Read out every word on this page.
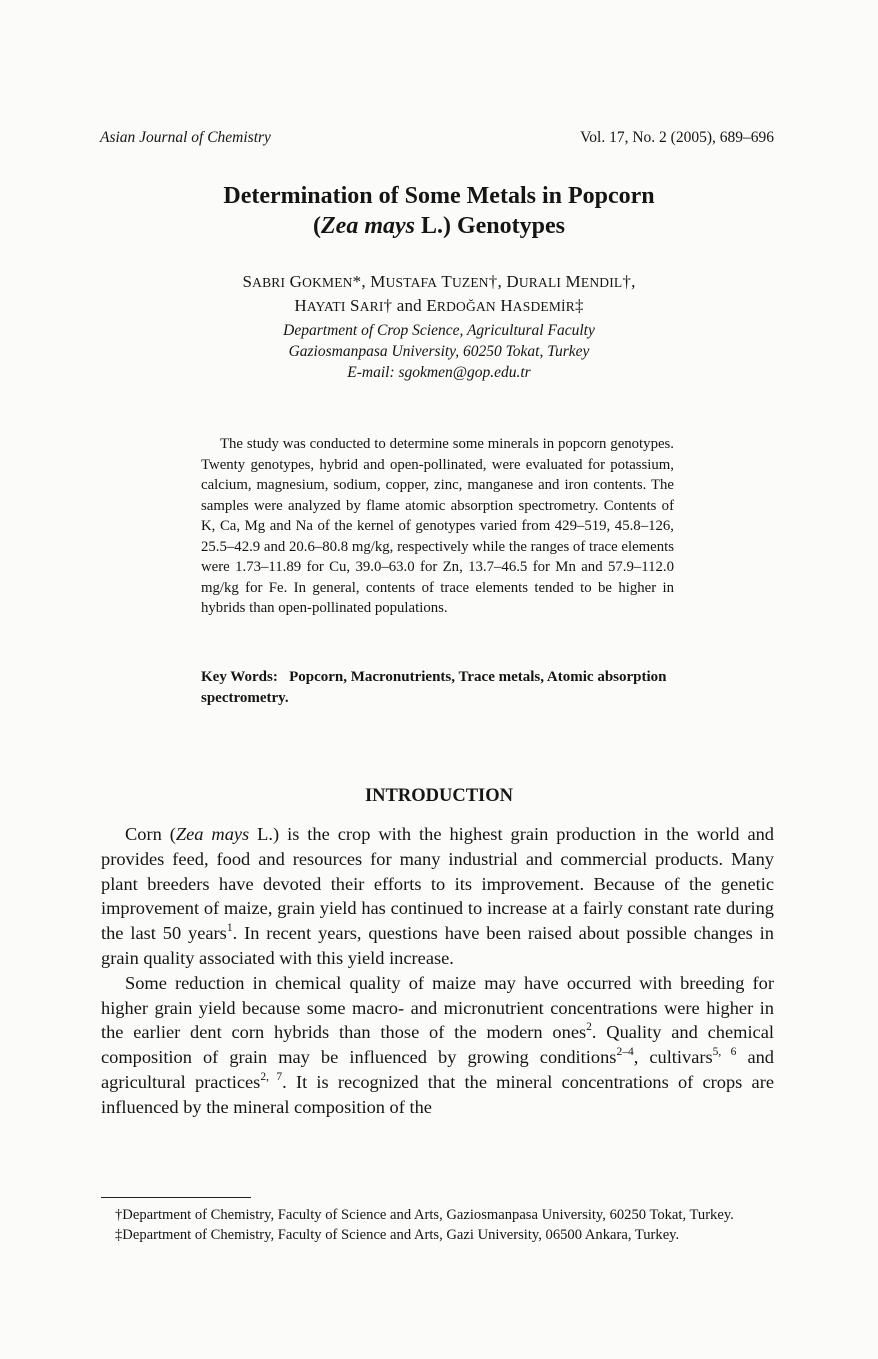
Asian Journal of Chemistry	Vol. 17, No. 2 (2005), 689–696
Determination of Some Metals in Popcorn
(Zea mays L.) Genotypes
SABRI GOKMEN*, MUSTAFA TUZEN†, DURALI MENDIL†,
HAYATI SARI† and ERDOĞAN HASDEMİR‡
Department of Crop Science, Agricultural Faculty
Gaziosmanpasa University, 60250 Tokat, Turkey
E-mail: sgokmen@gop.edu.tr

The study was conducted to determine some minerals in popcorn genotypes. Twenty genotypes, hybrid and open-pollinated, were evaluated for potassium, calcium, magnesium, sodium, copper, zinc, manganese and iron contents. The samples were analyzed by flame atomic absorption spectrometry. Contents of K, Ca, Mg and Na of the kernel of genotypes varied from 429–519, 45.8–126, 25.5–42.9 and 20.6–80.8 mg/kg, respectively while the ranges of trace elements were 1.73–11.89 for Cu, 39.0–63.0 for Zn, 13.7–46.5 for Mn and 57.9–112.0 mg/kg for Fe. In general, contents of trace elements tended to be higher in hybrids than open-pollinated populations.

Key Words: Popcorn, Macronutrients, Trace metals, Atomic absorption spectrometry.
INTRODUCTION

Corn (Zea mays L.) is the crop with the highest grain production in the world and provides feed, food and resources for many industrial and commercial products. Many plant breeders have devoted their efforts to its improvement. Because of the genetic improvement of maize, grain yield has continued to increase at a fairly constant rate during the last 50 years$^1$. In recent years, questions have been raised about possible changes in grain quality associated with this yield increase.

Some reduction in chemical quality of maize may have occurred with breeding for higher grain yield because some macro- and micronutrient concentrations were higher in the earlier dent corn hybrids than those of the modern ones$^2$. Quality and chemical composition of grain may be influenced by growing conditions$^{2-4}$, cultivars$^{5, 6}$ and agricultural practices$^{2, 7}$. It is recognized that the mineral concentrations of crops are influenced by the mineral composition of the

†Department of Chemistry, Faculty of Science and Arts, Gaziosmanpasa University, 60250 Tokat, Turkey.

‡Department of Chemistry, Faculty of Science and Arts, Gazi University, 06500 Ankara, Turkey.
